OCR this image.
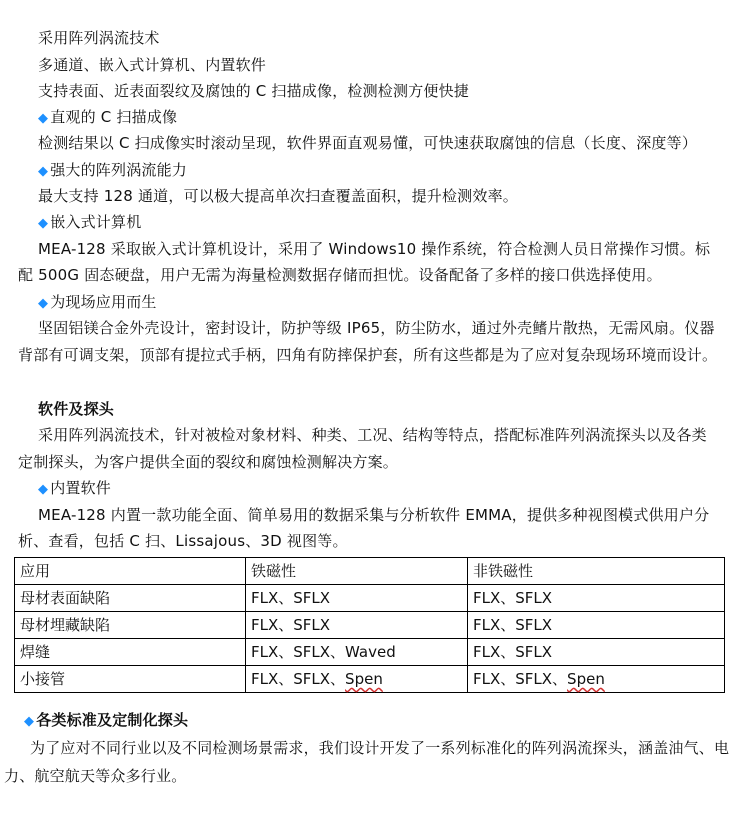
采用阵列涡流技术
多通道、嵌入式计算机、内置软件
支持表面、近表面裂纹及腐蚀的 C 扫描成像，检测检测方便快捷
◆ 直观的 C 扫描成像
检测结果以 C 扫成像实时滚动呈现，软件界面直观易懂，可快速获取腐蚀的信息（长度、深度等）
◆ 强大的阵列涡流能力
最大支持 128 通道，可以极大提高单次扫查覆盖面积，提升检测效率。
◆ 嵌入式计算机
MEA-128 采取嵌入式计算机设计，采用了 Windows10 操作系统，符合检测人员日常操作习惯。标
配 500G 固态硬盘，用户无需为海量检测数据存储而担忧。设备配备了多样的接口供选择使用。
◆ 为现场应用而生
坚固铝镁合金外壳设计，密封设计，防护等级 IP65，防尘防水，通过外壳鳍片散热，无需风扇。仪器
背部有可调支架，顶部有提拉式手柄，四角有防摔保护套，所有这些都是为了应对复杂现场环境而设计。
软件及探头
采用阵列涡流技术，针对被检对象材料、种类、工况、结构等特点，搭配标准阵列涡流探头以及各类
定制探头，为客户提供全面的裂纹和腐蚀检测解决方案。
◆ 内置软件
MEA-128 内置一款功能全面、简单易用的数据采集与分析软件 EMMA，提供多种视图模式供用户分
析、查看，包括 C 扫、Lissajous、3D 视图等。
应用	铁磁性	非铁磁性
母材表面缺陷	FLX、SFLX	FLX、SFLX
母材埋藏缺陷	FLX、SFLX	FLX、SFLX
焊缝	FLX、SFLX、Waved	FLX、SFLX
小接管	FLX、SFLX、Spen	FLX、SFLX、Spen
◆ 各类标准及定制化探头
为了应对不同行业以及不同检测场景需求，我们设计开发了一系列标准化的阵列涡流探头，涵盖油气、电
力、航空航天等众多行业。
